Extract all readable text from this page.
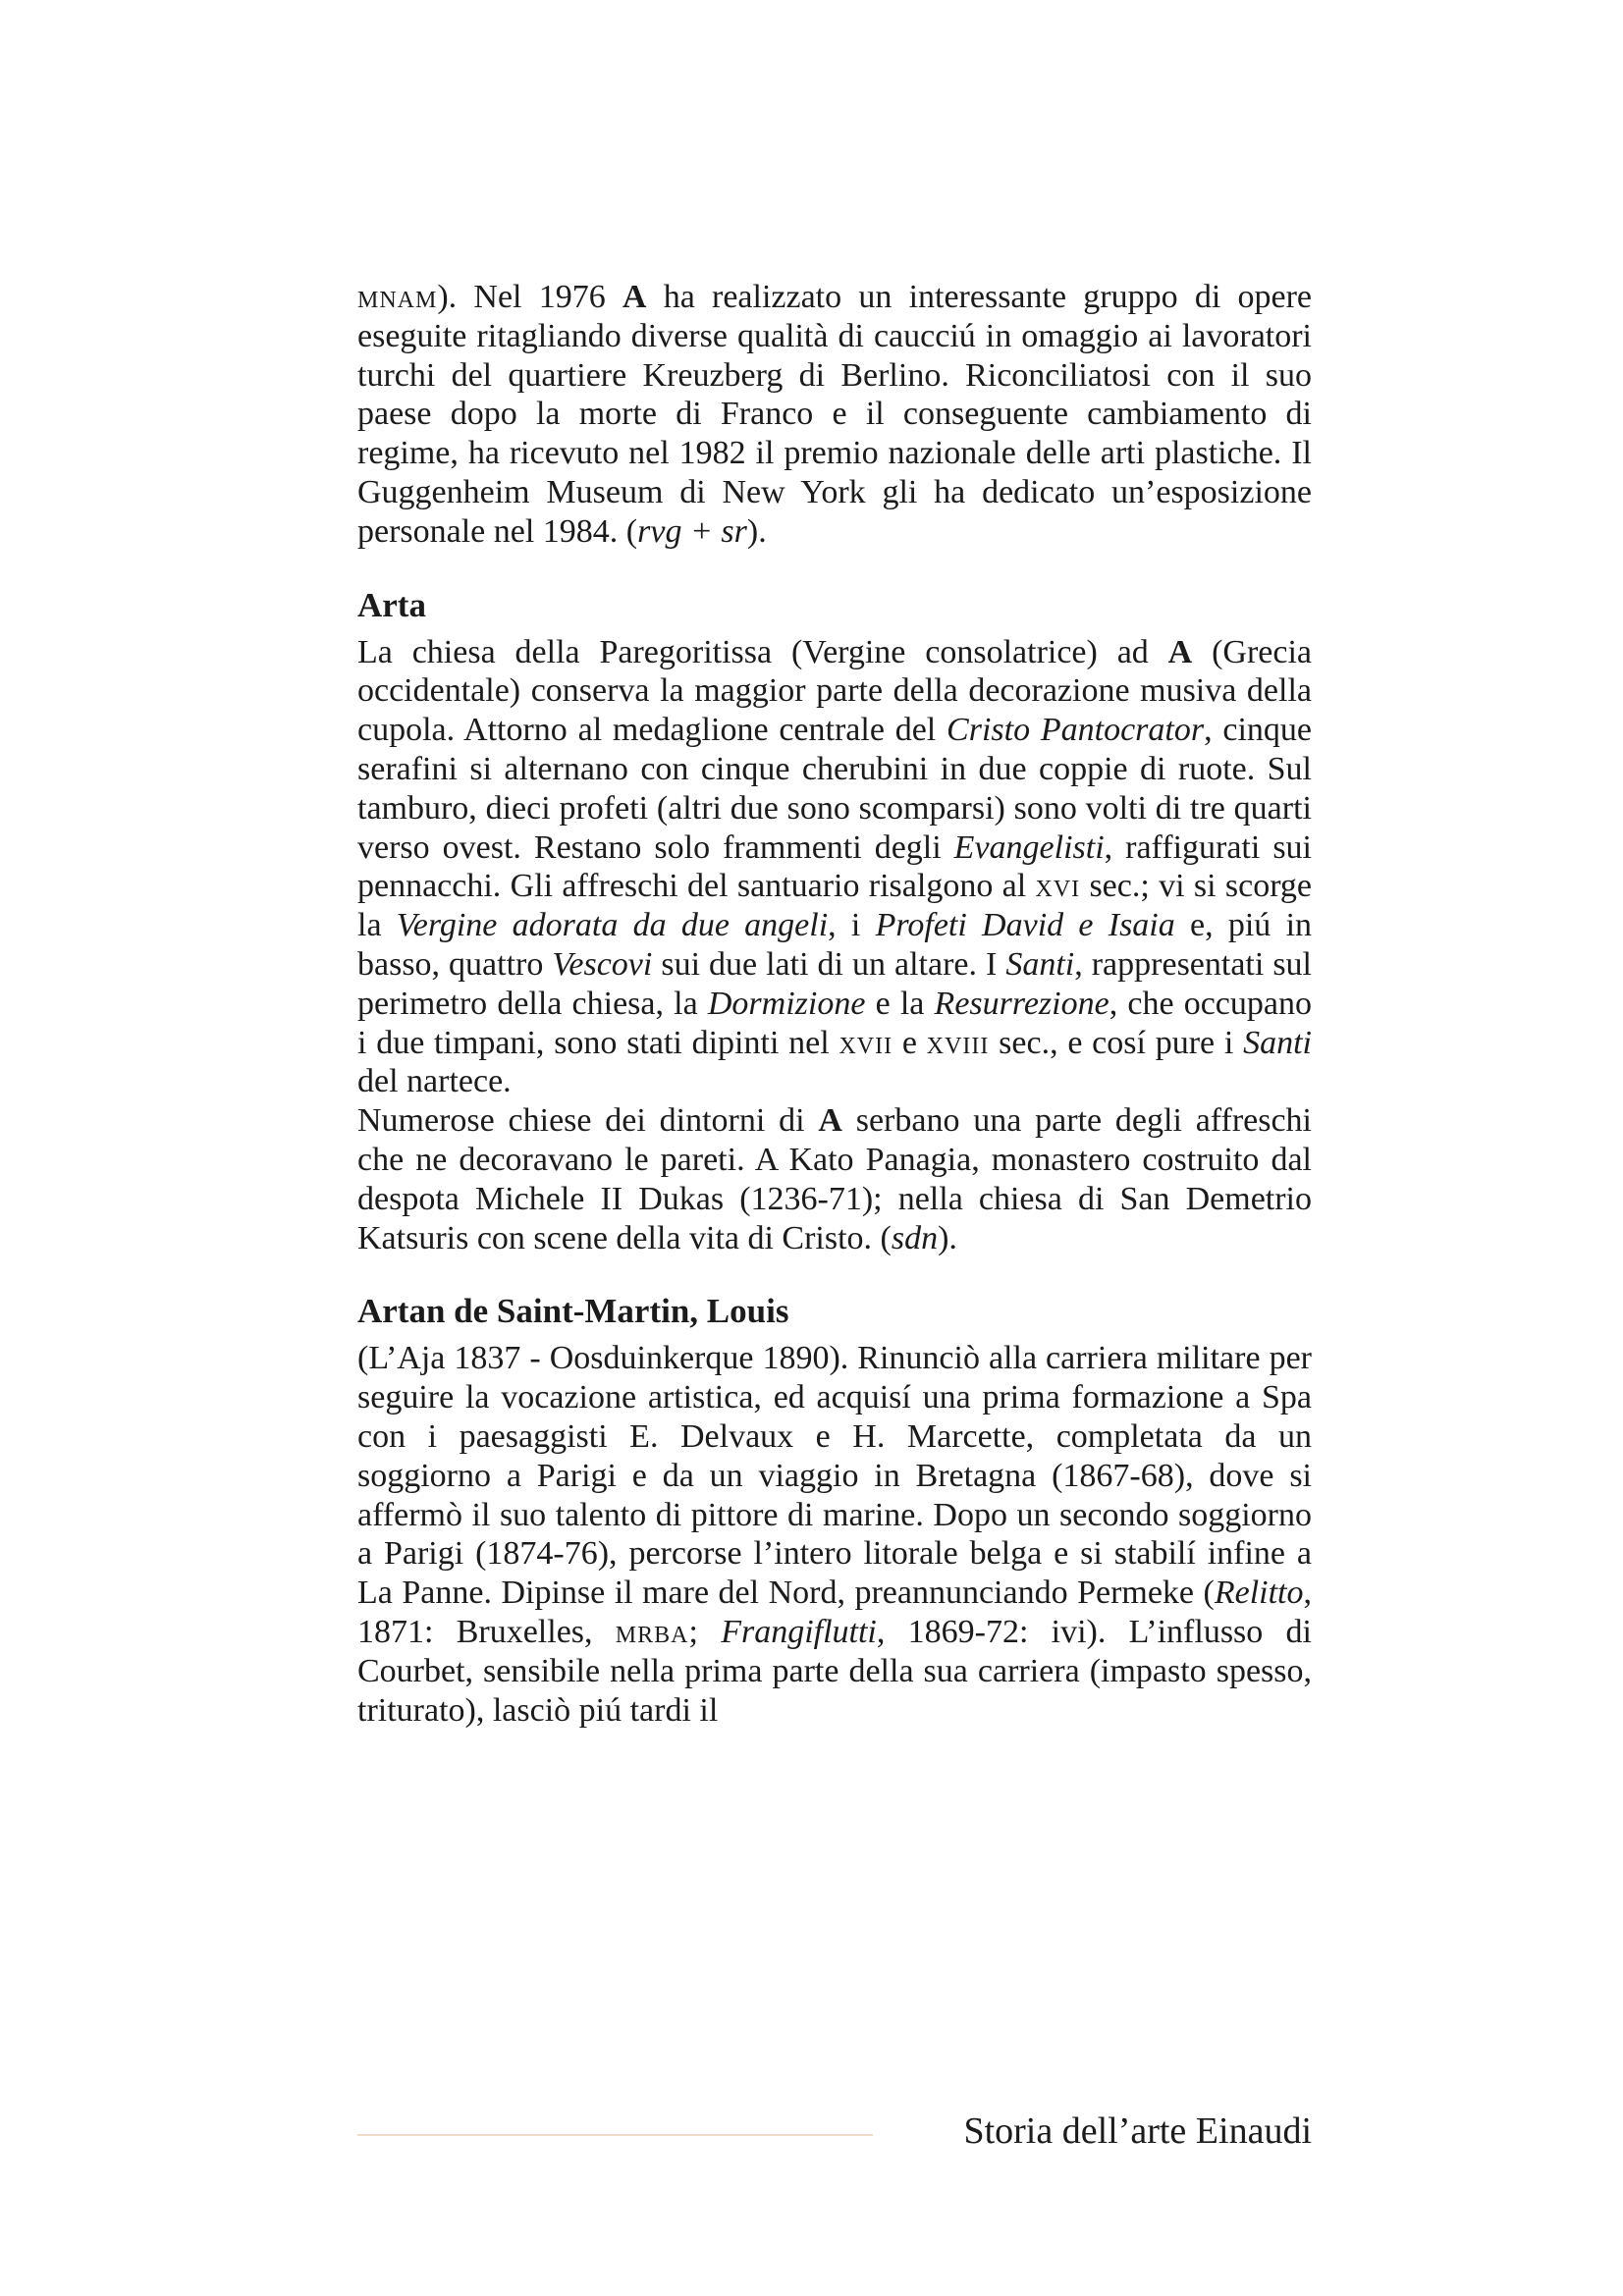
mnam). Nel 1976 A ha realizzato un interessante gruppo di opere eseguite ritagliando diverse qualità di caucciú in omaggio ai lavoratori turchi del quartiere Kreuzberg di Berlino. Riconciliatosi con il suo paese dopo la morte di Franco e il conseguente cambiamento di regime, ha ricevuto nel 1982 il premio nazionale delle arti plastiche. Il Guggenheim Museum di New York gli ha dedicato un’esposizione personale nel 1984. (rvg + sr).

Arta

La chiesa della Paregoritissa (Vergine consolatrice) ad A (Grecia occidentale) conserva la maggior parte della decorazione musiva della cupola. Attorno al medaglione centrale del Cristo Pantocrator, cinque serafini si alternano con cinque cherubini in due coppie di ruote. Sul tamburo, dieci profeti (altri due sono scomparsi) sono volti di tre quarti verso ovest. Restano solo frammenti degli Evangelisti, raffigurati sui pennacchi. Gli affreschi del santuario risalgono al xvi sec.; vi si scorge la Vergine adorata da due angeli, i Profeti David e Isaia e, piú in basso, quattro Vescovi sui due lati di un altare. I Santi, rappresentati sul perimetro della chiesa, la Dormizione e la Resurrezione, che occupano i due timpani, sono stati dipinti nel xvii e xviii sec., e cosí pure i Santi del nartece.

Numerose chiese dei dintorni di A serbano una parte degli affreschi che ne decoravano le pareti. A Kato Panagia, monastero costruito dal despota Michele II Dukas (1236-71); nella chiesa di San Demetrio Katsuris con scene della vita di Cristo. (sdn).

Artan de Saint-Martin, Louis

(L’Aja 1837 - Oosduinkerque 1890). Rinunciò alla carriera militare per seguire la vocazione artistica, ed acquisí una prima formazione a Spa con i paesaggisti E. Delvaux e H. Marcette, completata da un soggiorno a Parigi e da un viaggio in Bretagna (1867-68), dove si affermò il suo talento di pittore di marine. Dopo un secondo soggiorno a Parigi (1874-76), percorse l’intero litorale belga e si stabilí infine a La Panne. Dipinse il mare del Nord, preannunciando Permeke (Relitto, 1871: Bruxelles, mrba; Frangiflutti, 1869-72: ivi). L’influsso di Courbet, sensibile nella prima parte della sua carriera (impasto spesso, triturato), lasciò piú tardi il

Storia dell’arte Einaudi
